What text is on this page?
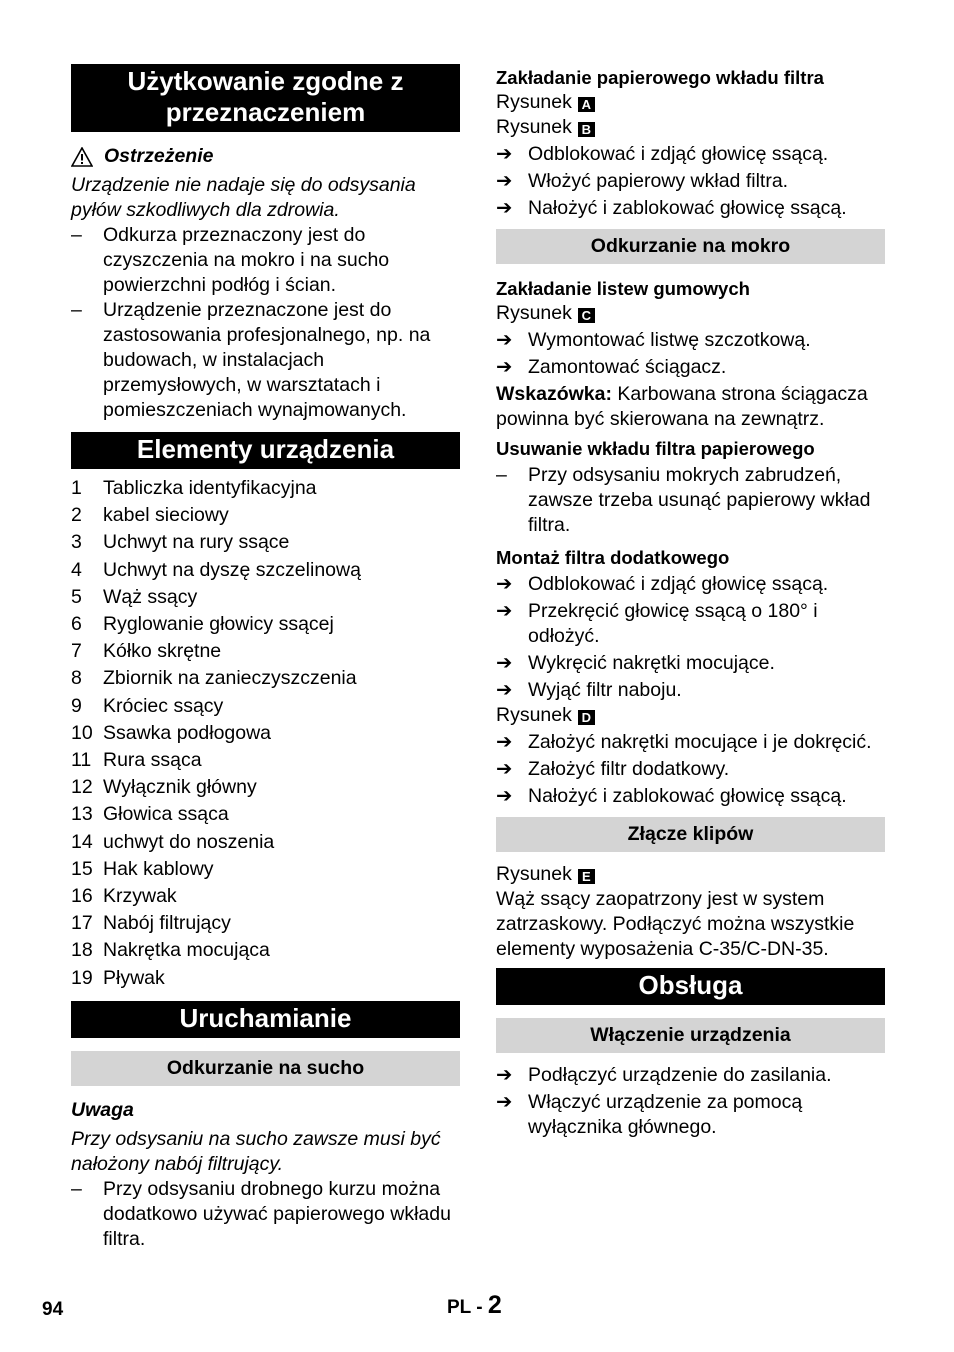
Użytkowanie zgodne z przeznaczeniem
Ostrzeżenie

Urządzenie nie nadaje się do odsysania pyłów szkodliwych dla zdrowia.

–	Odkurza przeznaczony jest do czyszczenia na mokro i na sucho powierzchni podłóg i ścian.
–	Urządzenie przeznaczone jest do zastosowania profesjonalnego, np. na budowach, w instalacjach przemysłowych, w warsztatach i pomieszczeniach wynajmowanych.
Elementy urządzenia
1	Tabliczka identyfikacyjna
2	kabel sieciowy
3	Uchwyt na rury ssące
4	Uchwyt na dyszę szczelinową
5	Wąż ssący
6	Ryglowanie głowicy ssącej
7	Kółko skrętne
8	Zbiornik na zanieczyszczenia
9	Króciec ssący
10 Ssawka podłogowa
11 Rura ssąca
12 Wyłącznik główny
13 Głowica ssąca
14 uchwyt do noszenia
15 Hak kablowy
16 Krzywak
17 Nabój filtrujący
18 Nakrętka mocująca
19 Pływak
Uruchamianie
Odkurzanie na sucho
Uwaga

Przy odsysaniu na sucho zawsze musi być nałożony nabój filtrujący.

–	Przy odsysaniu drobnego kurzu można dodatkowo używać papierowego wkładu filtra.
Zakładanie papierowego wkładu filtra
Rysunek A
Rysunek B
➔ Odblokować i zdjąć głowicę ssącą.
➔ Włożyć papierowy wkład filtra.
➔ Nałożyć i zablokować głowicę ssącą.
Odkurzanie na mokro
Zakładanie listew gumowych
Rysunek C
➔ Wymontować listwę szczotkową.
➔ Zamontować ściągacz.

Wskazówka: Karbowana strona ściągacza powinna być skierowana na zewnątrz.

Usuwanie wkładu filtra papierowego
–	Przy odsysaniu mokrych zabrudzeń, zawsze trzeba usunąć papierowy wkład filtra.
Montaż filtra dodatkowego
➔ Odblokować i zdjąć głowicę ssącą.
➔ Przekręcić głowicę ssącą o 180° i odłożyć.
➔ Wykręcić nakrętki mocujące.
➔ Wyjąć filtr naboju.
Rysunek D
➔ Założyć nakrętki mocujące i je dokręcić.
➔ Założyć filtr dodatkowy.
➔ Nałożyć i zablokować głowicę ssącą.
Złącze klipów
Rysunek E

Wąż ssący zaopatrzony jest w system zatrzaskowy. Podłączyć można wszystkie elementy wyposażenia C-35/C-DN-35.

Obsługa
Włączenie urządzenia
➔ Podłączyć urządzenie do zasilania.
➔ Włączyć urządzenie za pomocą wyłącznika głównego.
94	PL - 2
